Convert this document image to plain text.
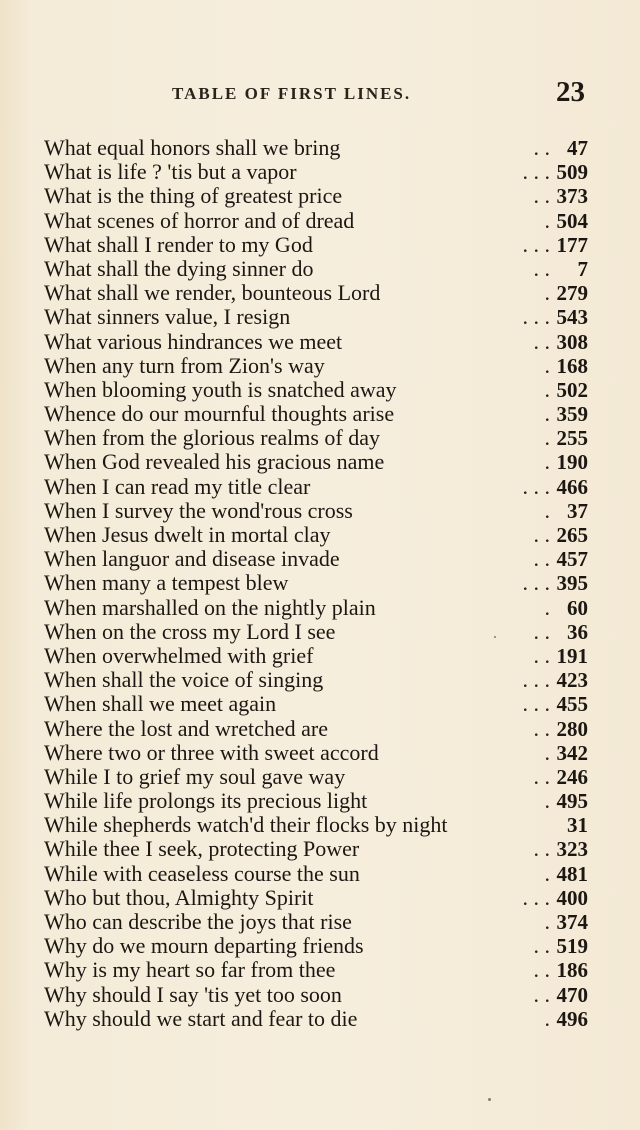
TABLE OF FIRST LINES.	23
What equal honors shall we bring	. . 47
What is life ? 'tis but a vapor	. . . 509
What is the thing of greatest price	. . 373
What scenes of horror and of dread	. 504
What shall I render to my God	. . . 177
What shall the dying sinner do	. . 7
What shall we render, bounteous Lord	. 279
What sinners value, I resign	. . . 543
What various hindrances we meet	. . 308
When any turn from Zion's way	. 168
When blooming youth is snatched away	. 502
Whence do our mournful thoughts arise	. 359
When from the glorious realms of day	. 255
When God revealed his gracious name	. 190
When I can read my title clear	. . . 466
When I survey the wond'rous cross	. 37
When Jesus dwelt in mortal clay	. . 265
When languor and disease invade	. . 457
When many a tempest blew	. . . 395
When marshalled on the nightly plain	. 60
When on the cross my Lord I see	. . 36
When overwhelmed with grief	. . 191
When shall the voice of singing	. . . 423
When shall we meet again	. . . 455
Where the lost and wretched are	. . 280
Where two or three with sweet accord	. 342
While I to grief my soul gave way	. . 246
While life prolongs its precious light	. 495
While shepherds watch'd their flocks by night	31
While thee I seek, protecting Power	. . 323
While with ceaseless course the sun	. 481
Who but thou, Almighty Spirit	. . . 400
Who can describe the joys that rise	. 374
Why do we mourn departing friends	. . 519
Why is my heart so far from thee	. . 186
Why should I say 'tis yet too soon	. . 470
Why should we start and fear to die	. 496
